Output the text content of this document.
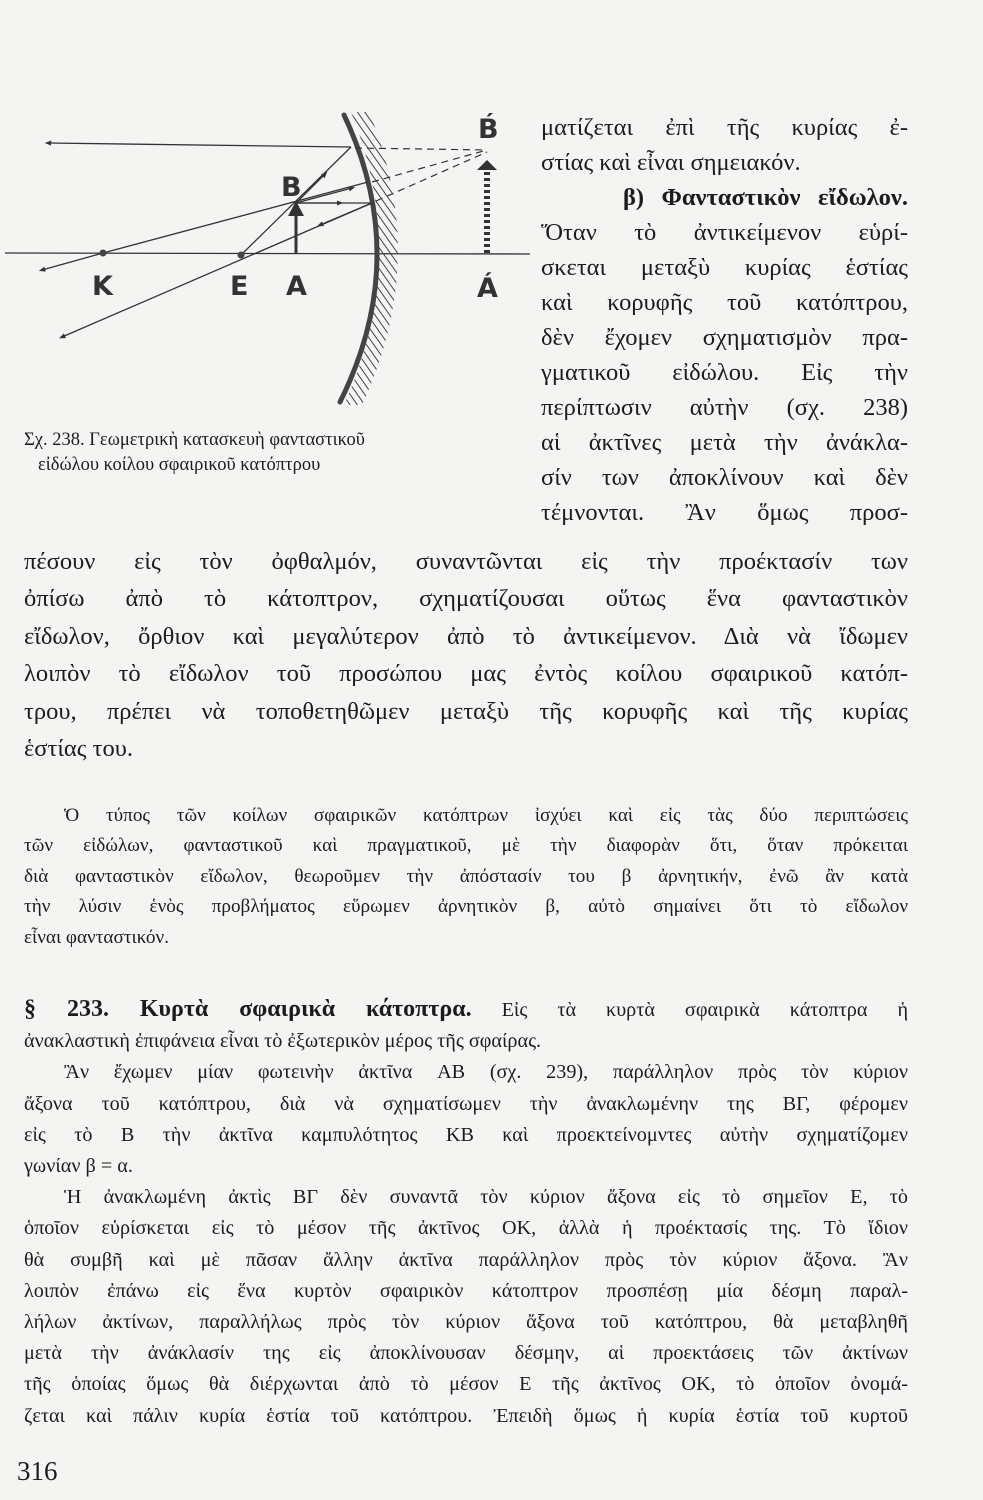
K	E A
B
Á
B́
Σχ. 238. Γεωμετρικὴ κατασκευὴ φανταστικοῦ
εἰδώλου κοίλου σφαιρικοῦ κατόπτρου
ματίζεται ἐπὶ τῆς κυρίας ἐ-
στίας καὶ εἶναι σημειακόν.
β) Φανταστικὸν εἴδωλον.
Ὅταν τὸ ἀντικείμενον εὑρί-
σκεται μεταξὺ κυρίας ἑστίας
καὶ κορυφῆς τοῦ κατόπτρου,
δὲν ἔχομεν σχηματισμὸν πρα-
γματικοῦ εἰδώλου. Εἰς τὴν
περίπτωσιν αὐτὴν (σχ. 238)
αἱ ἀκτῖνες μετὰ τὴν ἀνάκλα-
σίν των ἀποκλίνουν καὶ δὲν
τέμνονται. Ἂν ὅμως προσ-
πέσουν εἰς τὸν ὀφθαλμόν, συναντῶνται εἰς τὴν προέκτασίν των
ὀπίσω ἀπὸ τὸ κάτοπτρον, σχηματίζουσαι οὕτως ἕνα φανταστικὸν
εἴδωλον, ὄρθιον καὶ μεγαλύτερον ἀπὸ τὸ ἀντικείμενον. Διὰ νὰ ἴδωμεν
λοιπὸν τὸ εἴδωλον τοῦ προσώπου μας ἐντὸς κοίλου σφαιρικοῦ κατόπ-
τρου, πρέπει νὰ τοποθετηθῶμεν μεταξὺ τῆς κορυφῆς καὶ τῆς κυρίας
ἑστίας του.
Ὁ τύπος τῶν κοίλων σφαιρικῶν κατόπτρων ἰσχύει καὶ εἰς τὰς δύο περιπτώσεις
τῶν εἰδώλων, φανταστικοῦ καὶ πραγματικοῦ, μὲ τὴν διαφορὰν ὅτι, ὅταν πρόκειται
διὰ φανταστικὸν εἴδωλον, θεωροῦμεν τὴν ἀπόστασίν του β ἀρνητικήν, ἐνῶ ἂν κατὰ
τὴν λύσιν ἑνὸς προβλήματος εὕρωμεν ἀρνητικὸν β, αὐτὸ σημαίνει ὅτι τὸ εἴδωλον
εἶναι φανταστικόν.
§ 233. Κυρτὰ σφαιρικὰ κάτοπτρα. Εἰς τὰ κυρτὰ σφαιρικὰ κάτοπτρα ἡ
ἀνακλαστικὴ ἐπιφάνεια εἶναι τὸ ἐξωτερικὸν μέρος τῆς σφαίρας.
Ἂν ἔχωμεν μίαν φωτεινὴν ἀκτῖνα AB (σχ. 239), παράλληλον πρὸς τὸν κύριον
ἄξονα τοῦ κατόπτρου, διὰ νὰ σχηματίσωμεν τὴν ἀνακλωμένην της BΓ, φέρομεν
εἰς τὸ B τὴν ἀκτῖνα καμπυλότητος KB καὶ προεκτείνομντες αὐτὴν σχηματίζομεν
γωνίαν β = α.
Ἡ ἀνακλωμένη ἀκτὶς BΓ δὲν συναντᾶ τὸν κύριον ἄξονα εἰς τὸ σημεῖον E, τὸ
ὁποῖον εὑρίσκεται εἰς τὸ μέσον τῆς ἀκτῖνος OK, ἀλλὰ ἡ προέκτασίς της. Τὸ ἴδιον
θὰ συμβῆ καὶ μὲ πᾶσαν ἄλλην ἀκτῖνα παράλληλον πρὸς τὸν κύριον ἄξονα. Ἂν
λοιπὸν ἐπάνω εἰς ἕνα κυρτὸν σφαιρικὸν κάτοπτρον προσπέσῃ μία δέσμη παραλ-
λήλων ἀκτίνων, παραλλήλως πρὸς τὸν κύριον ἄξονα τοῦ κατόπτρου, θὰ μεταβληθῆ
μετὰ τὴν ἀνάκλασίν της εἰς ἀποκλίνουσαν δέσμην, αἱ προεκτάσεις τῶν ἀκτίνων
τῆς ὁποίας ὅμως θὰ διέρχωνται ἀπὸ τὸ μέσον E τῆς ἀκτῖνος OK, τὸ ὁποῖον ὀνομά-
ζεται καὶ πάλιν κυρία ἑστία τοῦ κατόπτρου. Ἐπειδὴ ὅμως ἡ κυρία ἑστία τοῦ κυρτοῦ
316
